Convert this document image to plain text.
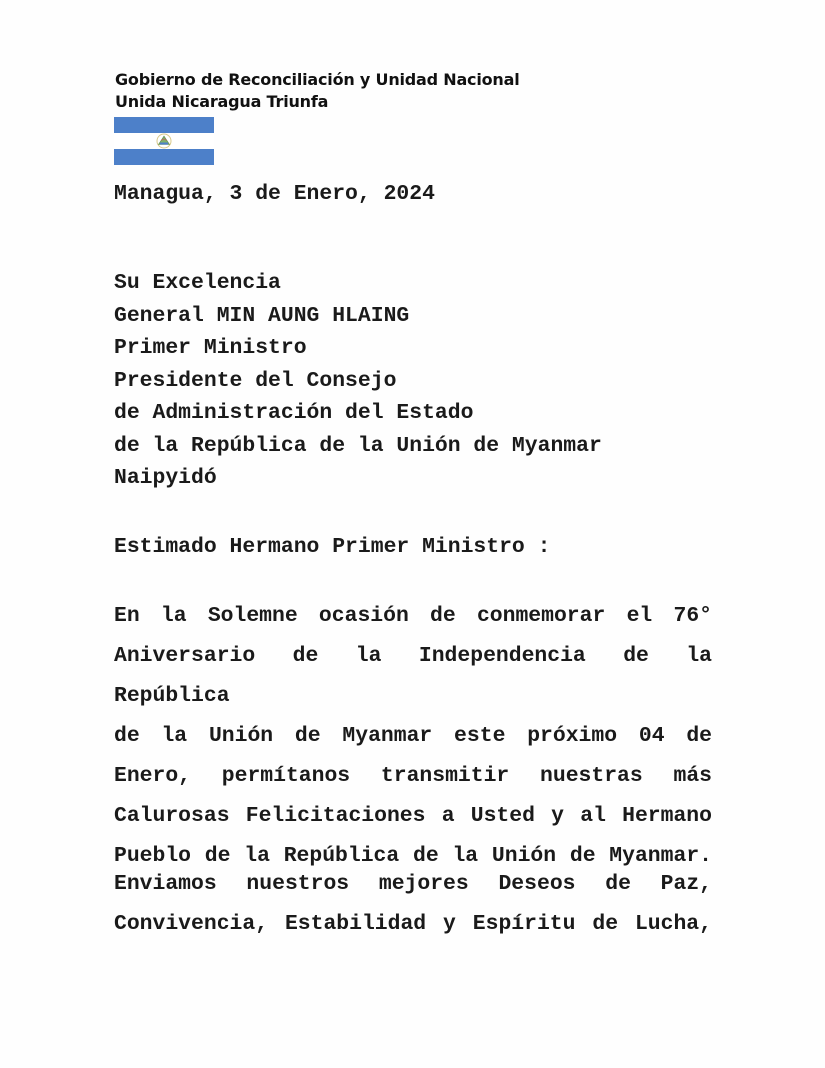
Gobierno de Reconciliación y Unidad Nacional
Unida Nicaragua Triunfa
Managua, 3 de Enero, 2024
Su Excelencia
General MIN AUNG HLAING
Primer Ministro
Presidente del Consejo
de Administración del Estado
de la República de la Unión de Myanmar
Naipyidó
Estimado Hermano Primer Ministro :
En la Solemne ocasión de conmemorar el 76°
Aniversario de la Independencia de la República
de la Unión de Myanmar este próximo 04 de
Enero, permítanos transmitir nuestras más
Calurosas Felicitaciones a Usted y al Hermano
Pueblo de la República de la Unión de Myanmar.
Enviamos nuestros mejores Deseos de Paz,
Convivencia, Estabilidad y Espíritu de Lucha,
